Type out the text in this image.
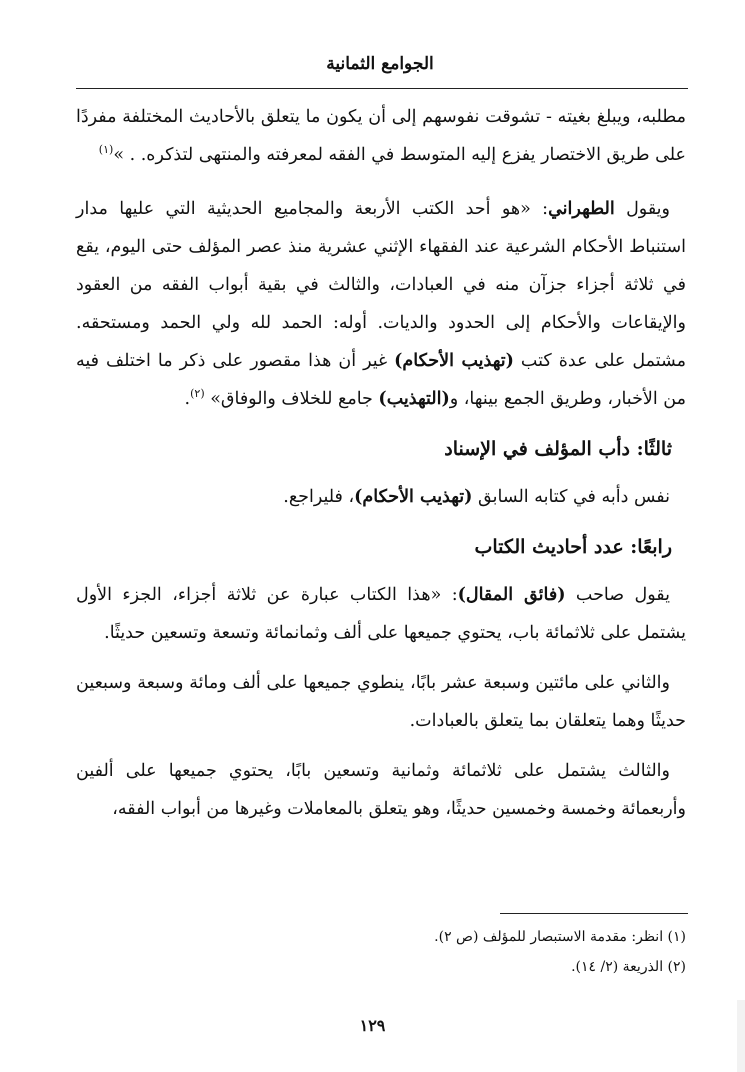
الجوامع الثمانية

مطلبه، ويبلغ بغيته - تشوقت نفوسهم إلى أن يكون ما يتعلق بالأحاديث المختلفة مفردًا على طريق الاختصار يفزع إليه المتوسط في الفقه لمعرفته والمنتهى لتذكره. . »$^{(١)}$

ويقول الطهراني: «هو أحد الكتب الأربعة والمجاميع الحديثية التي عليها مدار استنباط الأحكام الشرعية عند الفقهاء الإثني عشرية منذ عصر المؤلف حتى اليوم، يقع في ثلاثة أجزاء جزآن منه في العبادات، والثالث في بقية أبواب الفقه من العقود والإيقاعات والأحكام إلى الحدود والديات. أوله: الحمد لله ولي الحمد ومستحقه. مشتمل على عدة كتب (تهذيب الأحكام) غير أن هذا مقصور على ذكر ما اختلف فيه من الأخبار، وطريق الجمع بينها، و(التهذيب) جامع للخلاف والوفاق» $^{(٢)}$.

ثالثًا: دأب المؤلف في الإسناد

نفس دأبه في كتابه السابق (تهذيب الأحكام)، فليراجع.

رابعًا: عدد أحاديث الكتاب

يقول صاحب (فائق المقال): «هذا الكتاب عبارة عن ثلاثة أجزاء، الجزء الأول يشتمل على ثلاثمائة باب، يحتوي جميعها على ألف وثمانمائة وتسعة وتسعين حديثًا.

والثاني على مائتين وسبعة عشر بابًا، ينطوي جميعها على ألف ومائة وسبعة وسبعين حديثًا وهما يتعلقان بما يتعلق بالعبادات.

والثالث يشتمل على ثلاثمائة وثمانية وتسعين بابًا، يحتوي جميعها على ألفين وأربعمائة وخمسة وخمسين حديثًا، وهو يتعلق بالمعاملات وغيرها من أبواب الفقه،

(١) انظر: مقدمة الاستبصار للمؤلف (ص ٢).

(٢) الذريعة (٢/ ١٤).

١٢٩
